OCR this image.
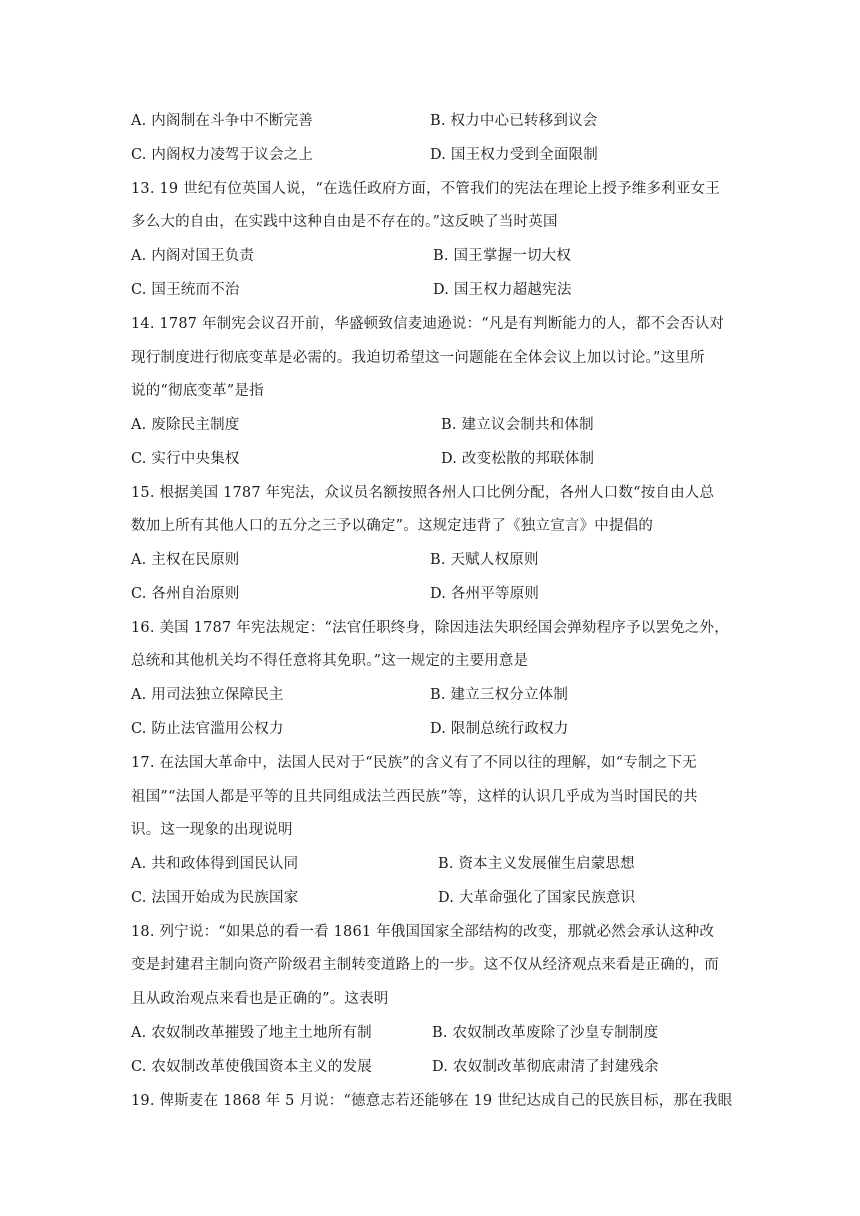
A. 内阁制在斗争中不断完善	B. 权力中心已转移到议会
C. 内阁权力凌驾于议会之上	D. 国王权力受到全面限制
13. 19 世纪有位英国人说，“在选任政府方面，不管我们的宪法在理论上授予维多利亚女王
多么大的自由，在实践中这种自由是不存在的。”这反映了当时英国
A. 内阁对国王负责	B. 国王掌握一切大权
C. 国王统而不治	D. 国王权力超越宪法
14. 1787 年制宪会议召开前，华盛顿致信麦迪逊说：“凡是有判断能力的人，都不会否认对
现行制度进行彻底变革是必需的。我迫切希望这一问题能在全体会议上加以讨论。”这里所
说的“彻底变革”是指
A. 废除民主制度	B. 建立议会制共和体制
C. 实行中央集权	D. 改变松散的邦联体制
15. 根据美国 1787 年宪法，众议员名额按照各州人口比例分配，各州人口数“按自由人总
数加上所有其他人口的五分之三予以确定”。这规定违背了《独立宣言》中提倡的
A. 主权在民原则	B. 天赋人权原则
C. 各州自治原则	D. 各州平等原则
16. 美国 1787 年宪法规定：“法官任职终身，除因违法失职经国会弹劾程序予以罢免之外，
总统和其他机关均不得任意将其免职。”这一规定的主要用意是
A. 用司法独立保障民主	B. 建立三权分立体制
C. 防止法官滥用公权力	D. 限制总统行政权力
17. 在法国大革命中，法国人民对于“民族”的含义有了不同以往的理解，如“专制之下无
祖国”“法国人都是平等的且共同组成法兰西民族”等，这样的认识几乎成为当时国民的共
识。这一现象的出现说明
A. 共和政体得到国民认同	B. 资本主义发展催生启蒙思想
C. 法国开始成为民族国家	D. 大革命强化了国家民族意识
18. 列宁说：“如果总的看一看 1861 年俄国国家全部结构的改变，那就必然会承认这种改
变是封建君主制向资产阶级君主制转变道路上的一步。这不仅从经济观点来看是正确的，而
且从政治观点来看也是正确的”。这表明
A. 农奴制改革摧毁了地主土地所有制	B. 农奴制改革废除了沙皇专制制度
C. 农奴制改革使俄国资本主义的发展	D. 农奴制改革彻底肃清了封建残余
19. 俾斯麦在 1868 年 5 月说：“德意志若还能够在 19 世纪达成自己的民族目标，那在我眼
